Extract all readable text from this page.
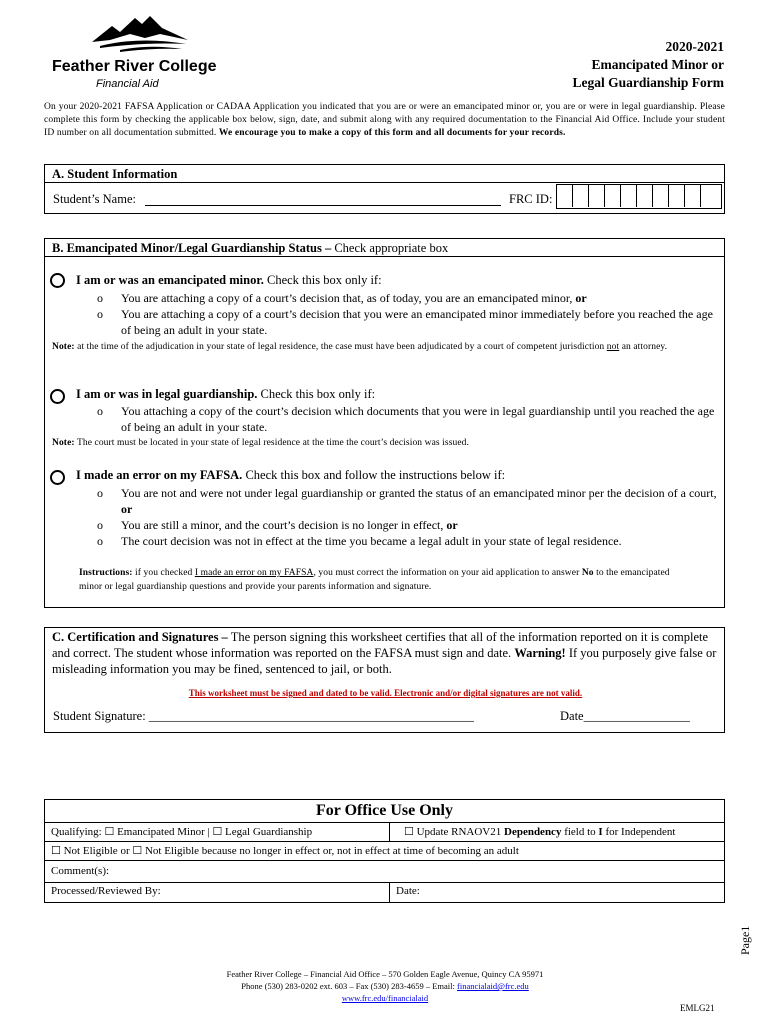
Feather River College
Financial Aid
2020-2021
Emancipated Minor or
Legal Guardianship Form
On your 2020-2021 FAFSA Application or CADAA Application you indicated that you are or were an emancipated minor or, you are or were in legal guardianship. Please complete this form by checking the applicable box below, sign, date, and submit along with any required documentation to the Financial Aid Office. Include your student ID number on all documentation submitted. We encourage you to make a copy of this form and all documents for your records.
A. Student Information
Student’s Name:	FRC ID:
B. Emancipated Minor/Legal Guardianship Status – Check appropriate box
I am or was an emancipated minor. Check this box only if:
o You are attaching a copy of a court’s decision that, as of today, you are an emancipated minor, or
o You are attaching a copy of a court’s decision that you were an emancipated minor immediately before you reached the age of being an adult in your state.
Note: at the time of the adjudication in your state of legal residence, the case must have been adjudicated by a court of competent jurisdiction not an attorney.
I am or was in legal guardianship. Check this box only if:
o You attaching a copy of the court’s decision which documents that you were in legal guardianship until you reached the age of being an adult in your state.
Note: The court must be located in your state of legal residence at the time the court’s decision was issued.
I made an error on my FAFSA. Check this box and follow the instructions below if:
o You are not and were not under legal guardianship or granted the status of an emancipated minor per the decision of a court, or
o You are still a minor, and the court’s decision is no longer in effect, or
o The court decision was not in effect at the time you became a legal adult in your state of legal residence.
Instructions: if you checked I made an error on my FAFSA, you must correct the information on your aid application to answer No to the emancipated minor or legal guardianship questions and provide your parents information and signature.
C. Certification and Signatures – The person signing this worksheet certifies that all of the information reported on it is complete and correct. The student whose information was reported on the FAFSA must sign and date. Warning! If you purposely give false or misleading information you may be fined, sentenced to jail, or both.
This worksheet must be signed and dated to be valid. Electronic and/or digital signatures are not valid.
Student Signature: ____________________________________________________	Date_________________
For Office Use Only
Qualifying: ☐ Emancipated Minor | ☐ Legal Guardianship	☐ Update RNAOV21 Dependency field to I for Independent
☐ Not Eligible or ☐ Not Eligible because no longer in effect or, not in effect at time of becoming an adult
Comment(s):
Processed/Reviewed By:	Date:
Page1
Feather River College – Financial Aid Office – 570 Golden Eagle Avenue, Quincy CA 95971
Phone (530) 283-0202 ext. 603 – Fax (530) 283-4659 – Email: financialaid@frc.edu
www.frc.edu/financialaid
EMLG21
